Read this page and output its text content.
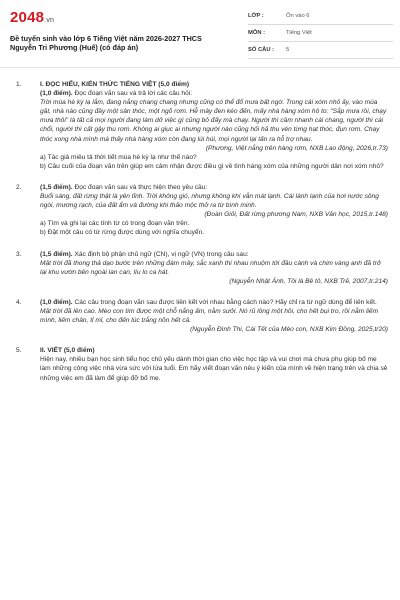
2048.vn
Đề tuyển sinh vào lớp 6 Tiếng Việt năm 2026-2027 THCS Nguyễn Tri Phương (Huế) (có đáp án)
LỚP :	Ôn vào 6
MÔN :	Tiếng Việt
SỐ CÂU : 5
1.	I. ĐỌC HIỂU, KIẾN THỨC TIẾNG VIỆT (5,0 điểm)
(1,0 điểm). Đọc đoạn văn sau và trả lời các câu hỏi:
Trời mùa hè kỳ lạ lắm, đang nắng chang chang nhưng cũng có thể đổ mưa bất ngờ. Trong cái xóm nhỏ ấy, vào mùa gặt, nhà nào cũng đầy một sân thóc, một ngõ rơm. Hễ mây đen kéo đến, mấy nhà hàng xóm hô to: "Sắp mưa rồi, chạy mưa thôi" là tất cả mọi người đang làm dở việc gì cũng bỏ đấy mà chạy. Người thì cầm nhanh cái chang, người thì cái chổi, người thì cất gậy thu rơm. Không ai giục ai nhưng người nào cũng hối hả thu vén từng hạt thóc, đụn rơm. Chạy thóc xong nhà mình mà thấy nhà hàng xóm còn đang lúi húi, mọi người lại tấn ra hỗ trợ nhau.
(Phương, Việt nắng trên hàng rơm, NXB Lao động, 2026,tr.73)
a) Tác giả miêu tả thời tiết mùa hè kỳ lạ như thế nào?
b) Câu cuối của đoạn văn trên giúp em cảm nhận được điều gì về tình hàng xóm của những người dân nơi xóm nhỏ?
2.	(1,5 điểm). Đọc đoạn văn sau và thực hiện theo yêu cầu:
Buổi sáng, đất rừng thật là yên tĩnh. Trời không gió, nhưng không khí vẫn mát lạnh. Cái lành lạnh của hơi nước sông ngòi, mương rạch, của đất ẩm và đường khi thảo mộc thở ra từ bình minh.
(Đoàn Giỏi, Đất rừng phương Nam, NXB Văn học, 2015,tr.148)
a) Tìm và ghi lại các tính từ có trong đoạn văn trên.
b) Đặt một câu có từ rừng được dùng với nghĩa chuyển.
3.	(1,5 điểm). Xác định bộ phận chủ ngữ (CN), vị ngữ (VN) trong câu sau:
Mặt trời đã thong thả dạo bước trên những đám mây, sắc xanh thi nhau nhuộm tới đầu cành và chim vàng anh đã trở lại khu vườn bên ngoài lan can, líu lo ca hát.
(Nguyễn Nhật Ánh, Tôi là Bê tô, NXB Trẻ, 2007,tr.214)
4.	(1,0 điểm). Các câu trong đoạn văn sau được liên kết với nhau bằng cách nào? Hãy chỉ ra từ ngữ dùng để liên kết.
Mặt trời đã lên cao. Mèo con tìm được một chỗ nắng ấm, nằm sưởi. Nó rũ lông một hồi, cho hết bụi tro, rồi nằm liếm mình, liếm chân, tỉ mỉ, cho đến lúc trắng nõn hết cả.
(Nguyễn Đình Thi, Cái Tết của Mèo con, NXB Kim Đồng, 2025,tr20)
5.	II. VIẾT (5,0 điểm)
Hiện nay, nhiều bạn học sinh tiểu học chủ yếu dành thời gian cho việc học tập và vui chơi mà chưa phụ giúp bố mẹ làm những công việc nhà vừa sức với lứa tuổi. Em hãy viết đoạn văn nêu ý kiến của mình về hiện trạng trên và chia sẻ những việc em đã làm để giúp đỡ bố mẹ.
